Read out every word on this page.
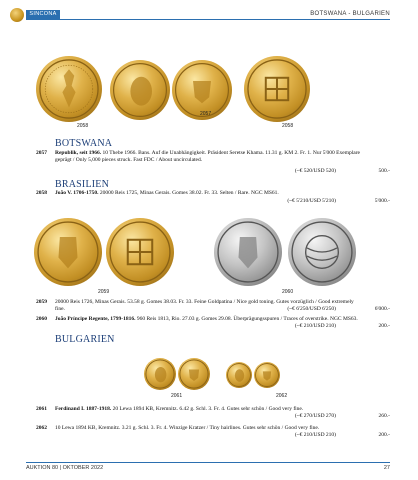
SINCONA	BOTSWANA - BULGARIEN
2057
2058	2058
BOTSWANA
2057 Republik, seit 1966. 10 Thebe 1966. Bans. Auf die Unabhängigkeit. Präsident Seretse Khama. 11.31 g. KM 2. Fr. 1. Nur 5'000 Exemplare geprägt / Only 5,000 pieces struck. Fast FDC / About uncirculated.
(~€ 520/USD 520)	500.-
BRASILIEN
2058 João V. 1706-1750. 20000 Reis 1725, Minas Gerais. Gomes 38.02. Fr. 33. Selten / Rare. NGC MS61.
(~€ 5'210/USD 5'210)	5'000.-
2059	2060
2059 20000 Reis 1726, Minas Gerais. 53.58 g. Gomes 38.03. Fr. 33. Feine Goldpatina / Nice gold toning. Gutes vorzüglich / Good extremely fine.	(~€ 6'250/USD 6'250)	6'000.-
2060 João Príncipe Regente, 1799-1816. 960 Reis 1813, Rio. 27.03 g. Gomes 29.08. Überprägungsspuren / Traces of overstrike. NGC MS63.
(~€ 210/USD 210)	200.-
BULGARIEN
2061	2062
2061 Ferdinand I. 1887-1918. 20 Lewa 1894 KB, Kremnitz. 6.42 g. Schl. 3. Fr. 4. Gutes sehr schön / Good very fine.
(~€ 270/USD 270)	260.-
2062 10 Lewa 1894 KB, Kremnitz. 3.21 g. Schl. 3. Fr. 4. Winzige Kratzer / Tiny hairlines. Gutes sehr schön / Good very fine.
(~€ 210/USD 210)	200.-
AUKTION 80 | OKTOBER 2022	27
